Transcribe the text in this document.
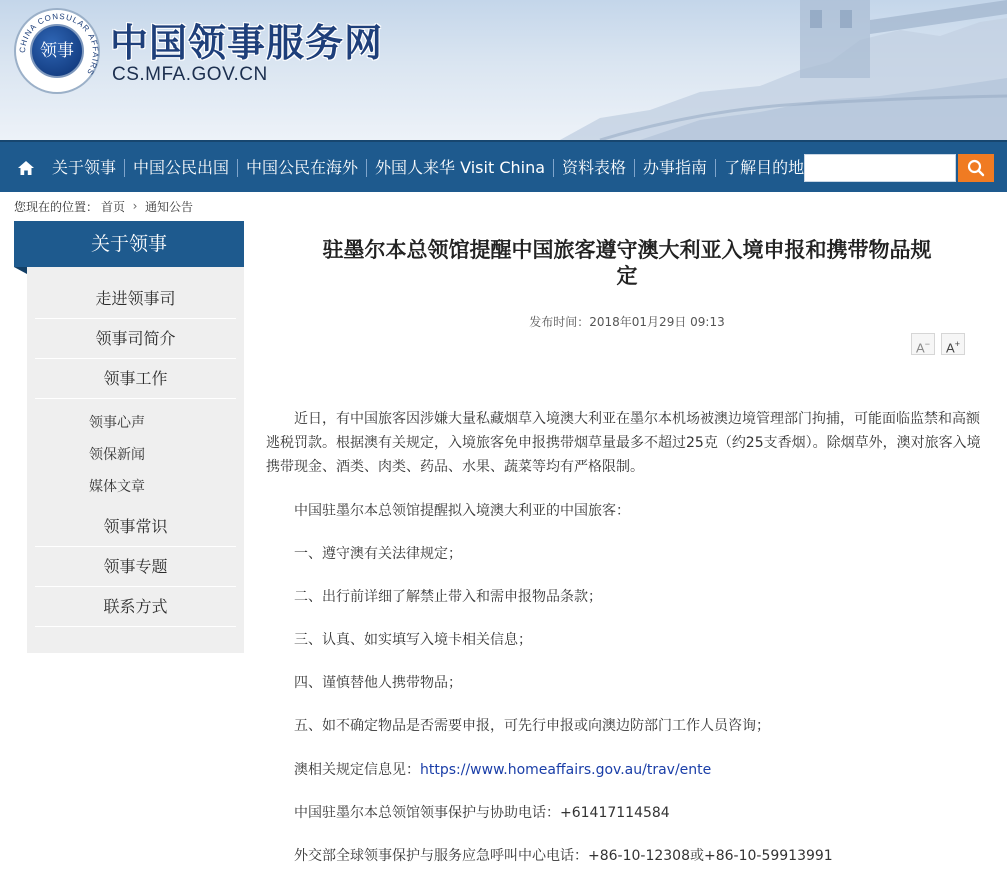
CHINA CONSULAR AFFAIRS
领事 中国领事服务网
CS.MFA.GOV.CN
关于领事	中国公民出国	中国公民在海外	外国人来华 Visit China	资料表格	办事指南	了解目的地
您现在的位置： 首页 › 通知公告
关于领事
走进领事司
领事司简介
领事工作
领事心声
领保新闻
媒体文章
领事常识
领事专题
联系方式
驻墨尔本总领馆提醒中国旅客遵守澳大利亚入境申报和携带物品规
定
发布时间：2018年01月29日 09:13
A−	A+

近日，有中国旅客因涉嫌大量私藏烟草入境澳大利亚在墨尔本机场被澳边境管理部门拘捕，可能面临监禁和高额逃税罚款。根据澳有关规定，入境旅客免申报携带烟草量最多不超过25克（约25支香烟）。除烟草外，澳对旅客入境携带现金、酒类、肉类、药品、水果、蔬菜等均有严格限制。

中国驻墨尔本总领馆提醒拟入境澳大利亚的中国旅客：
一、遵守澳有关法律规定；
二、出行前详细了解禁止带入和需申报物品条款；
三、认真、如实填写入境卡相关信息；
四、谨慎替他人携带物品；
五、如不确定物品是否需要申报，可先行申报或向澳边防部门工作人员咨询；
澳相关规定信息见：https://www.homeaffairs.gov.au/trav/ente
中国驻墨尔本总领馆领事保护与协助电话：+61417114584
外交部全球领事保护与服务应急呼叫中心电话：+86-10-12308或+86-10-59913991
